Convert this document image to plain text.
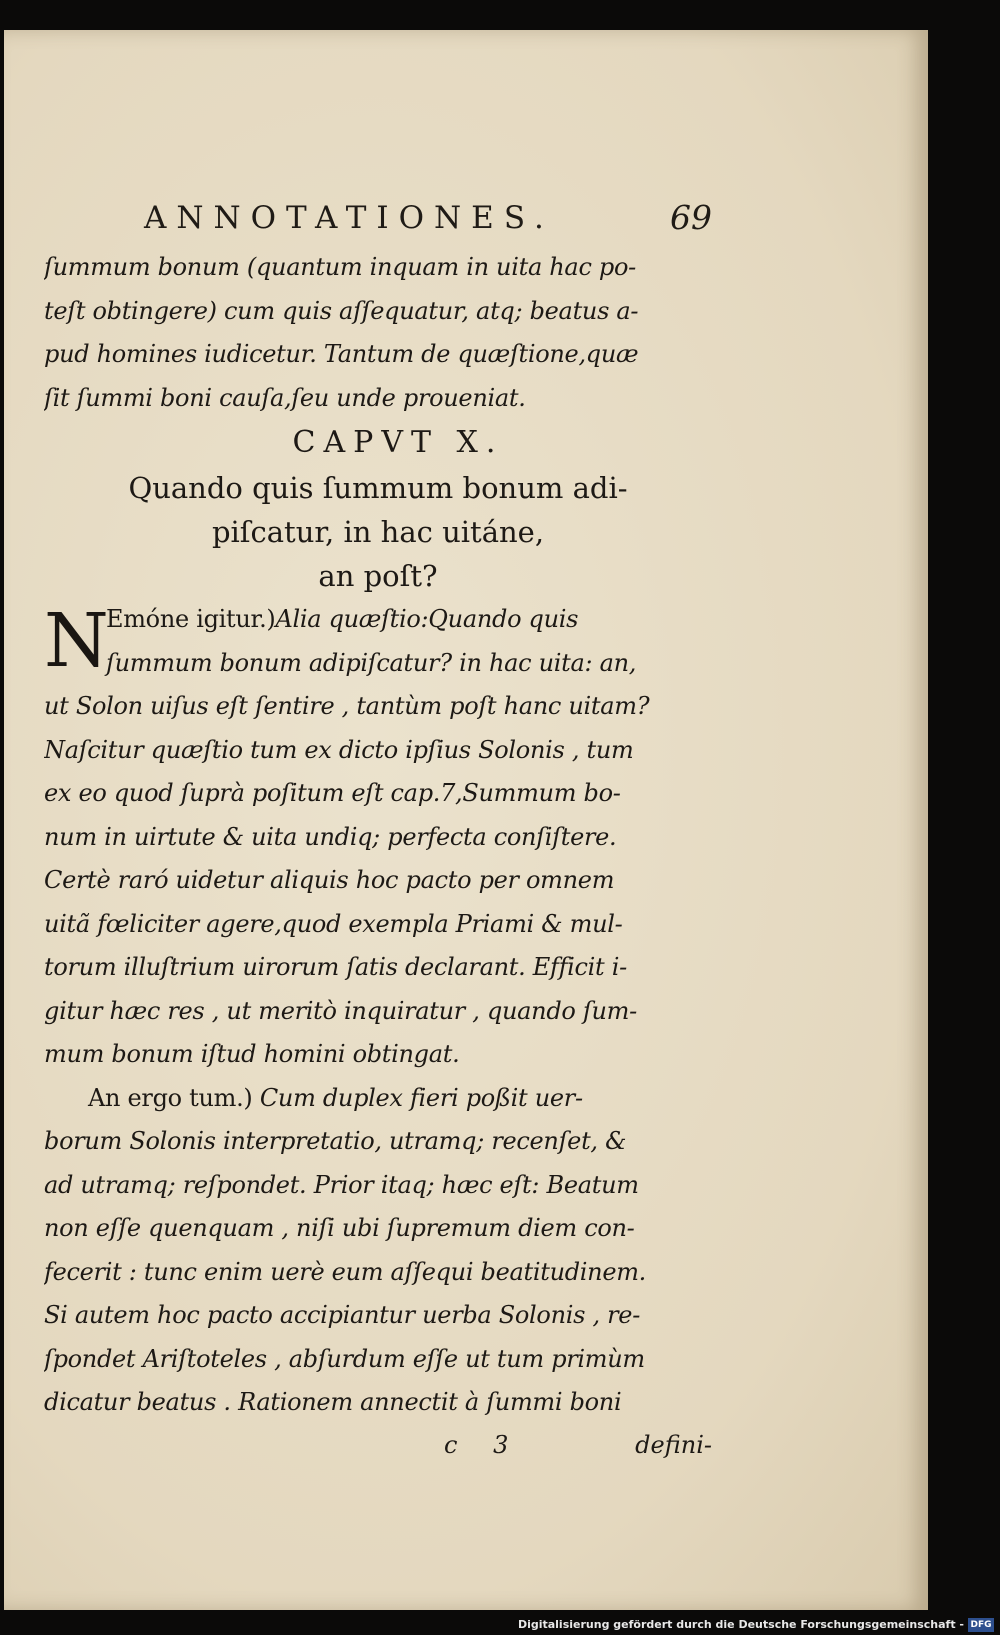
ANNOTATIONES.	69
ſummum bonum (quantum inquam in uita hac po-
teſt obtingere) cum quis aſſequatur, atq; beatus a-
pud homines iudicetur. Tantum de quæſtione,quæ
ſit ſummi boni cauſa,ſeu unde proueniat.
CAPVT X.
Quando quis ſummum bonum adi-
piſcatur, in hac uitáne,
an poſt?
N
Emóne igitur.)Alia quæſtio:Quando quis
ſummum bonum adipiſcatur? in hac uita: an,
ut Solon uiſus eſt ſentire , tantùm poſt hanc uitam?
Naſcitur quæſtio tum ex dicto ipſius Solonis , tum
ex eo quod ſuprà poſitum eſt cap.7,Summum bo-
num in uirtute & uita undiq; perfecta conſiſtere.
Certè raró uidetur aliquis hoc pacto per omnem
uitã fœliciter agere,quod exempla Priami & mul-
torum illuſtrium uirorum ſatis declarant. Efficit i-
gitur hæc res , ut meritò inquiratur , quando ſum-
mum bonum iſtud homini obtingat.
An ergo tum.) Cum duplex fieri poßit uer-
borum Solonis interpretatio, utramq; recenſet, &
ad utramq; reſpondet. Prior itaq; hæc eſt: Beatum
non eſſe quenquam , niſi ubi ſupremum diem con-
fecerit : tunc enim uerè eum aſſequi beatitudinem.
Si autem hoc pacto accipiantur uerba Solonis , re-
ſpondet Ariſtoteles , abſurdum eſſe ut tum primùm
dicatur beatus . Rationem annectit à ſummi boni
c 3	defini-
Digitalisierung gefördert durch die Deutsche Forschungsgemeinschaft - DFG
